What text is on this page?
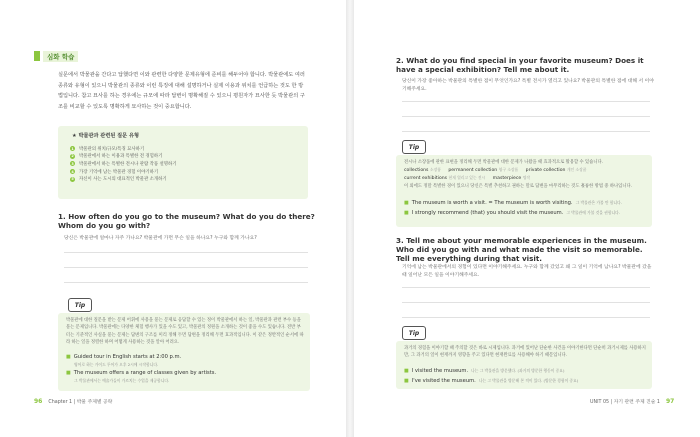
심화 학습
실문에서 박물관을 간다고 답했다면 이와 관련한 다양한 문제유형에 준비를 해두어야 합니다. 박물관에도 여러 종류와 유형이 있으니 박물관의 종류와 이런 특징에 대해 설명하거나 실제 이용과 위치를 언급하는 것도 한 방법입니다. 참고 묘사를 하는 경우에는 규모에 따라 답변이 명확해질 수 있으니 평원자가 묘사한 듯 박물관의 구조를 비교할 수 있도록 명확하게 묘사하는 것이 중요합니다.
★ 박물관과 관련된 질문 유형
1	박물관의 위치/규모/특징 묘사하기
2	박물관에서 하는 이용과 특별한 전 경험하기
3	박물관에서 하는 특별한 전시나 관람 작품 설명하기
4	가장 기억에 남는 박물관 경험 이야기하기
5	자신이 사는 도시의 대표적인 박물관 소개하기
1. How often do you go to the museum? What do you do there? Whom do you go with?
당신은 박물관에 얼마나 자주 가나요? 박물관에 가면 무슨 일을 하나요? 누구와 함께 가나요?
Tip
박물관에 대한 질문을 받는 문제 어휘에 사용을 묻는 문제로 응답할 수 있는 정이 박물관에서 하는 일, 박물관과 관련 부수 등을 묻는 문제입니다. 박물관에는 다양한 체험 행사가 있을 수도 있고, 박물관의 정원을 소개하는 것이 좋을 수도 있습니다. 전반 부터는 기준적인 사실을 묻는 문제는 답변의 구조를 미리 정해 두면 답변을 정리해 두면 효과적입니다. 이 같은 정반적인 순서에 따라 하는 일을 정렬한 하며 어떻게 사용하는 것을 알아 어려요.
■ Guided tour in English starts at 2:00 p.m.
영어로 하는 가이드 투어가 오후 2시에 시작합니다.
■ The museum offers a range of classes given by artists.
그 박물관에서는 예술가들이 가르치는 수업을 제공합니다.
96 Chapter 1 | 박물 주제별 공략
2. What do you find special in your favorite museum? Does it have a special exhibition? Tell me about it.
당신이 가장 좋아하는 박물관의 특별한 점이 무엇인가요? 특별 전시가 열리고 있나요? 박물관의 특별한 점에 대해 서 이야기해주세요.
Tip
전시나 소장품에 관한 표현을 정리해 두면 박물관에 대한 문제가 나왔을 때 효과적으로 활용할 수 있습니다.
collections 소장품 permanent collection 영구 소장품 private collection 개인 소장품
current exhibitions 현재 열리고 있는 전시 masterpiece 명작
이 외에도 정말 특별한 경이 있으니 당신은 특별 추천하고 권하는 말로 답변을 마무리하는 것도 훌륭한 방법 중 하나입니다.
■ The museum is worth a visit. = The museum is worth visiting. 그 박물관은 가볼 만 합니다.
■ I strongly recommend (that) you should visit the museum. 그 박물관에 가볼 것을 권합니다.
3. Tell me about your memorable experiences in the museum. Who did you go with and what made the visit so memorable. Tell me everything during that visit.
기억에 남는 박물관에서의 경험이 있다면 이야기해주세요. 누구와 함께 갔었고 왜 그 일이 기억에 남나요? 박물관에 갔을 때 일어난 모든 일을 이야기해주세요.
Tip
과거의 경험을 이야기할 때 주의할 것은 바로 시제입니다. 과거에 있어난 단순한 사건을 이야기한다면 단순히 과거시제를 사용하지만, 그 과거의 일이 현재까지 영향을 주고 있다면 현재완료를 사용해야 하기 때문입니다.
■ I visited the museum. 나는 그 박물관을 방문했다. (과거의 방문한 행동이 중요)
■ I've visited the museum. 나는 그 박물관을 방문해 본 적이 있다. (방문한 경험이 중요)
UNIT 05 | 자기 관련 주제 진술 1 97
